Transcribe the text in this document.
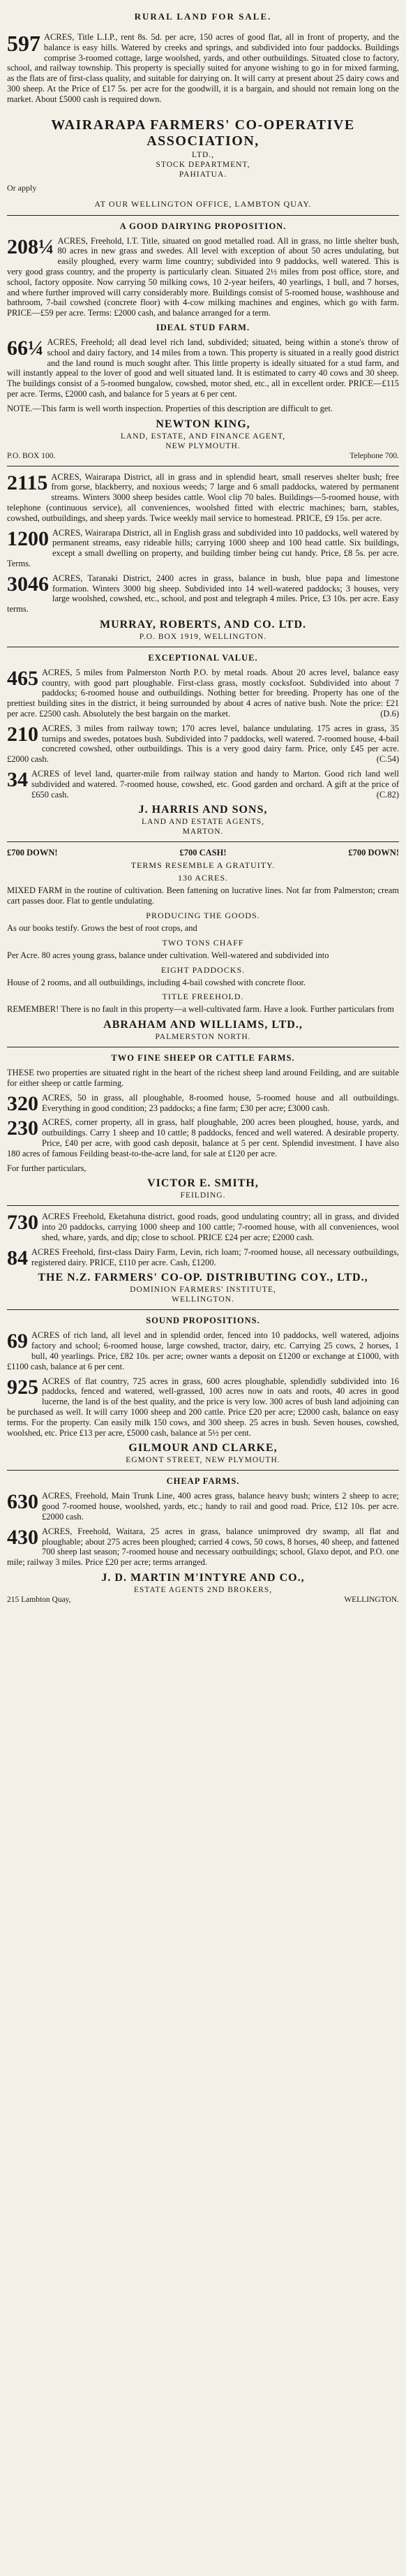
RURAL LAND FOR SALE.
597 ACRES, Title L.I.P., rent 8s. 5d. per acre, 150 acres of good flat, all in front of property, and the balance is easy hills. Watered by creeks and springs, and subdivided into four paddocks. Buildings comprise 3-roomed cottage, large woolshed, yards, and other outbuildings. Situated close to factory, school, and railway township. This property is specially suited for anyone wishing to go in for mixed farming, as the flats are of first-class quality, and suitable for dairying on. It will carry at present about 25 dairy cows and 300 sheep. At the Price of £17 5s. per acre for the goodwill, it is a bargain, and should not remain long on the market. About £5000 cash is required down.
WAIRARAPA FARMERS' CO-OPERATIVE ASSOCIATION,
LTD.,
STOCK DEPARTMENT,
PAHIATUA.
Or apply
AT OUR WELLINGTON OFFICE, LAMBTON QUAY.
A GOOD DAIRYING PROPOSITION.
208¼ ACRES, Freehold, I.T. Title, situated on good metalled road. All in grass, no little shelter bush, 80 acres in new grass and swedes. All level with exception of about 50 acres undulating, but easily ploughed, every warm lime country; subdivided into 9 paddocks, well watered. This is very good grass country, and the property is particularly clean. Situated 2½ miles from post office, store, and school, factory opposite. Now carrying 50 milking cows, 10 2-year heifers, 40 yearlings, 1 bull, and 7 horses, and where further improved will carry considerably more. Buildings consist of 5-roomed house, washhouse and bathroom, 7-bail cowshed (concrete floor) with 4-cow milking machines and engines, which go with farm. PRICE—£59 per acre. Terms: £2000 cash, and balance arranged for a term.
IDEAL STUD FARM.
66¼ ACRES, Freehold; all dead level rich land, subdivided; situated, being within a stone's throw of school and dairy factory, and 14 miles from a town. This property is situated in a really good district and the land round is much sought after. This little property is ideally situated for a stud farm, and will instantly appeal to the lover of good and well situated land. It is estimated to carry 40 cows and 30 sheep. The buildings consist of a 5-roomed bungalow, cowshed, motor shed, etc., all in excellent order. PRICE—£115 per acre. Terms, £2000 cash, and balance for 5 years at 6 per cent.
NOTE.—This farm is well worth inspection. Properties of this description are difficult to get.
NEWTON KING,
LAND, ESTATE, AND FINANCE AGENT,
NEW PLYMOUTH.
P.O. BOX 100.	Telephone 700.
2115 ACRES, Wairarapa District, all in grass and in splendid heart, small reserves shelter bush; free from gorse, blackberry, and noxious weeds; 7 large and 6 small paddocks, watered by permanent streams. Winters 3000 sheep besides cattle. Wool clip 70 bales. Buildings—5-roomed house, with telephone (continuous service), all conveniences, woolshed fitted with electric machines; barn, stables, cowshed, outbuildings, and sheep yards. Twice weekly mail service to homestead. PRICE, £9 15s. per acre.
1200 ACRES, Wairarapa District, all in English grass and subdivided into 10 paddocks, well watered by permanent streams, easy rideable hills; carrying 1000 sheep and 100 head cattle. Six buildings, except a small dwelling on property, and building timber being cut handy. Price, £8 5s. per acre. Terms.
3046 ACRES, Taranaki District, 2400 acres in grass, balance in bush, blue papa and limestone formation. Winters 3000 big sheep. Subdivided into 14 well-watered paddocks; 3 houses, very large woolshed, cowshed, etc., school, and post and telegraph 4 miles. Price, £3 10s. per acre. Easy terms.
MURRAY, ROBERTS, AND CO. LTD.
P.O. BOX 1919, WELLINGTON.
EXCEPTIONAL VALUE.
465 ACRES, 5 miles from Palmerston North P.O. by metal roads. About 20 acres level, balance easy country, with good part ploughable. First-class grass, mostly cocksfoot. Subdivided into about 7 paddocks; 6-roomed house and outbuildings. Nothing better for breeding. Property has one of the prettiest building sites in the district, it being surrounded by about 4 acres of native bush. Note the price: £21 per acre. £2500 cash. Absolutely the best bargain on the market.	(D.6)
210 ACRES, 3 miles from railway town; 170 acres level, balance undulating. 175 acres in grass, 35 turnips and swedes, potatoes bush. Subdivided into 7 paddocks, well watered. 7-roomed house, 4-bail concreted cowshed, other outbuildings. This is a very good dairy farm. Price, only £45 per acre. £2000 cash.	(C.54)
34 ACRES of level land, quarter-mile from railway station and handy to Marton. Good rich land well subdivided and watered. 7-roomed house, cowshed, etc. Good garden and orchard. A gift at the price of £650 cash.	(C.82)
J. HARRIS AND SONS,
LAND AND ESTATE AGENTS,
MARTON.
£700 DOWN!	£700 CASH!	£700 DOWN!
TERMS RESEMBLE A GRATUITY.
130 ACRES.
MIXED FARM in the routine of cultivation. Been fattening on lucrative lines. Not far from Palmerston; cream cart passes door. Flat to gentle undulating.
PRODUCING THE GOODS.
As our books testify. Grows the best of root crops, and
TWO TONS CHAFF
Per Acre. 80 acres young grass, balance under cultivation. Well-watered and subdivided into
EIGHT PADDOCKS.
House of 2 rooms, and all outbuildings, including 4-bail cowshed with concrete floor.
TITLE FREEHOLD.
REMEMBER! There is no fault in this property—a well-cultivated farm. Have a look. Further particulars from
ABRAHAM AND WILLIAMS, LTD.,
PALMERSTON NORTH.
TWO FINE SHEEP OR CATTLE FARMS.
THESE two properties are situated right in the heart of the richest sheep land around Feilding, and are suitable for either sheep or cattle farming.
320 ACRES, 50 in grass, all ploughable, 8-roomed house, 5-roomed house and all outbuildings. Everything in good condition; 23 paddocks; a fine farm; £30 per acre; £3000 cash.
230 ACRES, corner property, all in grass, half ploughable, 200 acres been ploughed, house, yards, and outbuildings. Carry 1 sheep and 10 cattle; 8 paddocks, fenced and well watered. A desirable property. Price, £40 per acre, with good cash deposit, balance at 5 per cent. Splendid investment. I have also 180 acres of famous Feilding beast-to-the-acre land, for sale at £120 per acre.
For further particulars,
VICTOR E. SMITH,
FEILDING.
730 ACRES Freehold, Eketahuna district, good roads, good undulating country; all in grass, and divided into 20 paddocks, carrying 1000 sheep and 100 cattle; 7-roomed house, with all conveniences, wool shed, whare, yards, and dip; close to school. PRICE £24 per acre; £2000 cash.
84 ACRES Freehold, first-class Dairy Farm, Levin, rich loam; 7-roomed house, all necessary outbuildings, registered dairy. PRICE, £110 per acre. Cash, £1200.
THE N.Z. FARMERS' CO-OP. DISTRIBUTING COY., LTD.,
DOMINION FARMERS' INSTITUTE,
WELLINGTON.
SOUND PROPOSITIONS.
69 ACRES of rich land, all level and in splendid order, fenced into 10 paddocks, well watered, adjoins factory and school; 6-roomed house, large cowshed, tractor, dairy, etc. Carrying 25 cows, 2 horses, 1 bull, 40 yearlings. Price, £82 10s. per acre; owner wants a deposit on £1200 or exchange at £1000, with £1100 cash, balance at 6 per cent.
925 ACRES of flat country, 725 acres in grass, 600 acres ploughable, splendidly subdivided into 16 paddocks, fenced and watered, well-grassed, 100 acres now in oats and roots, 40 acres in good lucerne, the land is of the best quality, and the price is very low. 300 acres of bush land adjoining can be purchased as well. It will carry 1000 sheep and 200 cattle. Price £20 per acre; £2000 cash, balance on easy terms. For the property. Can easily milk 150 cows, and 300 sheep. 25 acres in bush. Seven houses, cowshed, woolshed, etc. Price £13 per acre, £5000 cash, balance at 5½ per cent.
GILMOUR AND CLARKE,
EGMONT STREET, NEW PLYMOUTH.
CHEAP FARMS.
630 ACRES, Freehold, Main Trunk Line, 400 acres grass, balance heavy bush; winters 2 sheep to acre; good 7-roomed house, woolshed, yards, etc.; handy to rail and good road. Price, £12 10s. per acre. £2000 cash.
430 ACRES, Freehold, Waitara, 25 acres in grass, balance unimproved dry swamp, all flat and ploughable; about 275 acres been ploughed; carried 4 cows, 50 cows, 8 horses, 40 sheep, and fattened 700 sheep last season; 7-roomed house and necessary outbuildings; school, Glaxo depot, and P.O. one mile; railway 3 miles. Price £20 per acre; terms arranged.
J. D. MARTIN M'INTYRE AND CO.,
ESTATE AGENTS 2ND BROKERS,
215 Lambton Quay,	WELLINGTON.
